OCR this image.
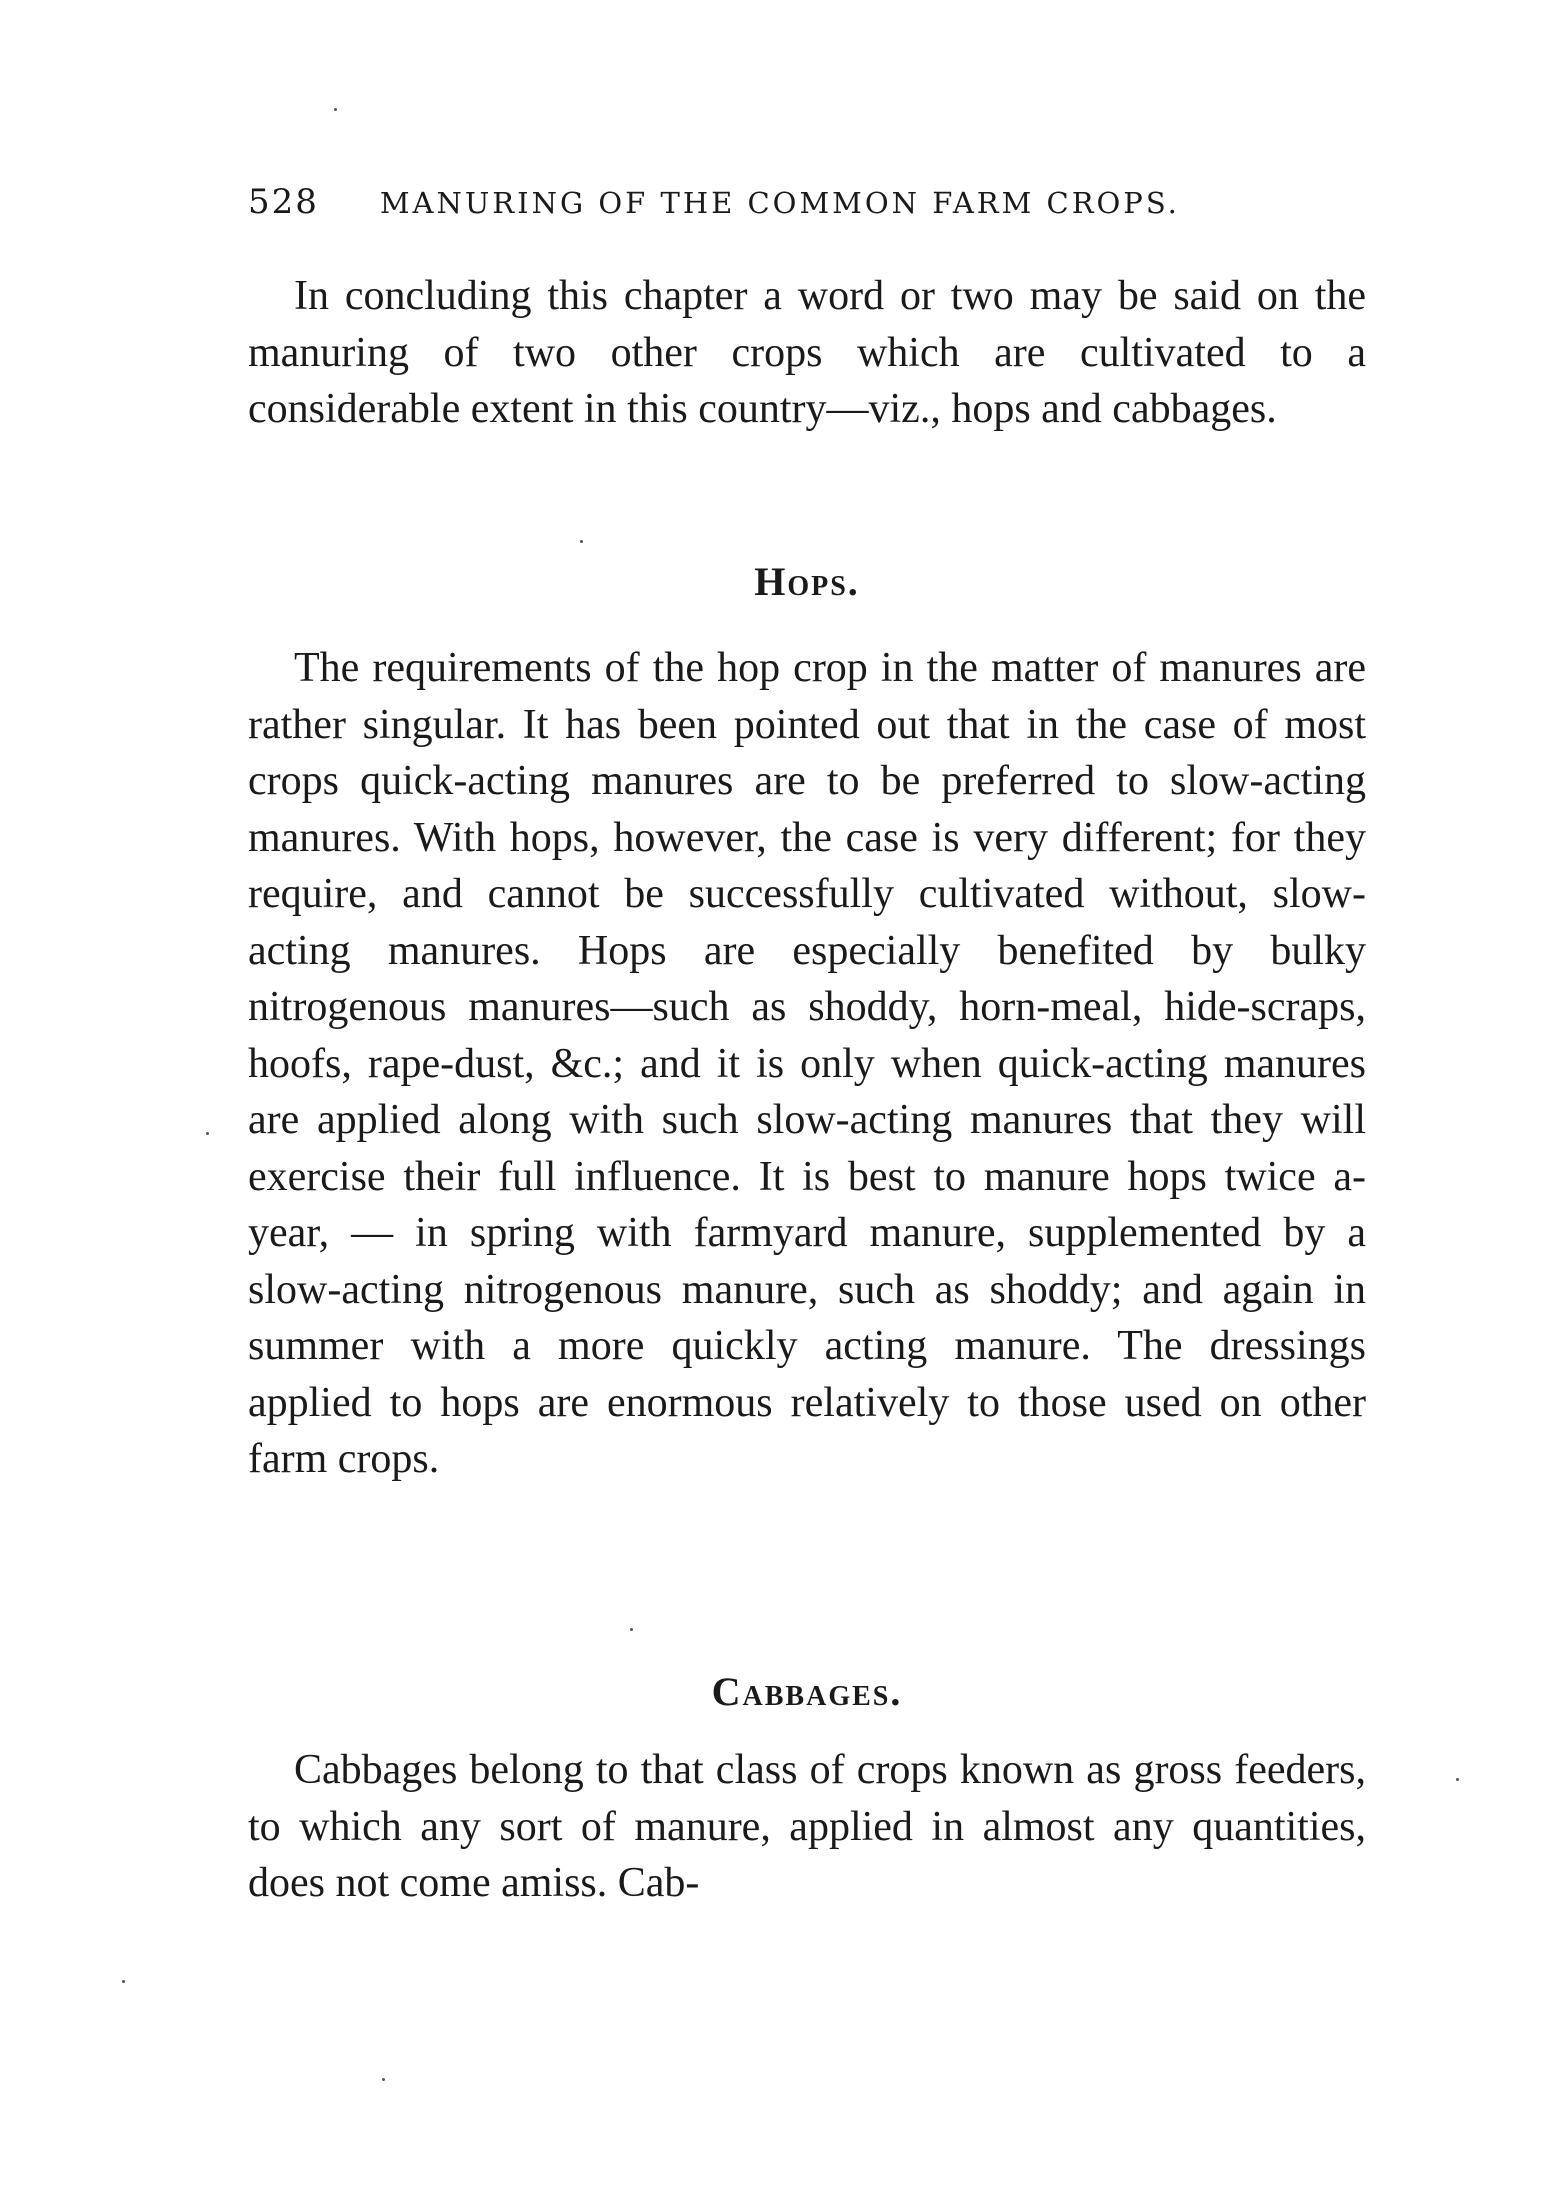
528 MANURING OF THE COMMON FARM CROPS.

In concluding this chapter a word or two may be said on the manuring of two other crops which are cultivated to a considerable extent in this country—viz., hops and cabbages.

Hops.

The requirements of the hop crop in the matter of manures are rather singular. It has been pointed out that in the case of most crops quick-acting manures are to be preferred to slow-acting manures. With hops, however, the case is very different; for they require, and cannot be successfully cultivated without, slow-acting manures. Hops are especially benefited by bulky nitrogenous manures—such as shoddy, horn-meal, hide-scraps, hoofs, rape-dust, &c.; and it is only when quick-acting manures are applied along with such slow-acting manures that they will exercise their full influence. It is best to manure hops twice a-year, — in spring with farmyard manure, supplemented by a slow-acting nitrogenous manure, such as shoddy; and again in summer with a more quickly acting manure. The dressings applied to hops are enormous relatively to those used on other farm crops.

Cabbages.

Cabbages belong to that class of crops known as gross feeders, to which any sort of manure, applied in almost any quantities, does not come amiss. Cab-
